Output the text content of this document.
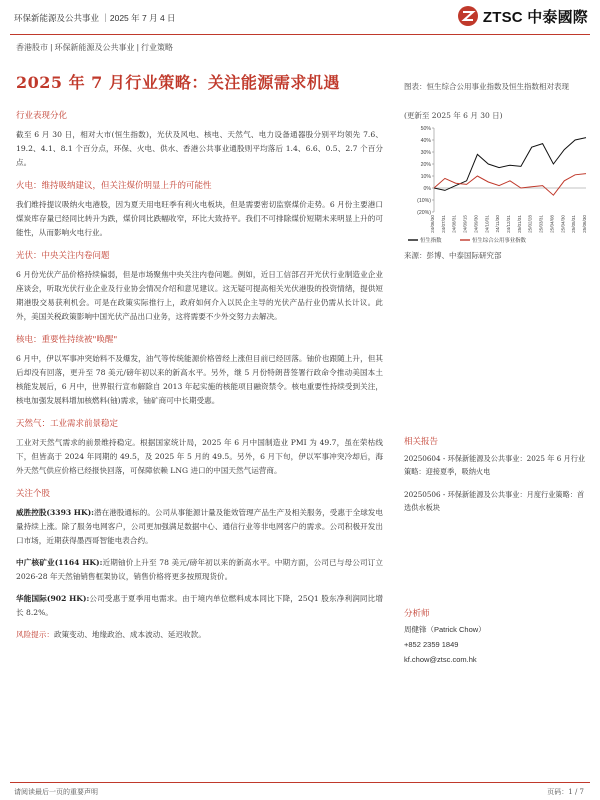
环保新能源及公共事业 ｜2025 年 7 月 4 日	ZTSC 中泰國際
香港股市 | 环保新能源及公共事业 | 行业策略
2025 年 7 月行业策略：关注能源需求机遇
行业表现分化

截至 6 月 30 日，相对大市(恒生指数)，光伏及风电、核电、天然气、电力设备通器股分别平均领先 7.6、19.2、4.1、8.1 个百分点，环保、火电、供水、香港公共事业通股则平均落后 1.4、6.6、0.5、2.7 个百分点。

火电：维持吸纳建议，但关注煤价明显上升的可能性

我们维持提议吸纳火电港股，因为夏天用电旺季有利火电板块，但是需要密切监察煤价走势。6 月份主要港口煤炭库存量已经同比转升为跌，煤价同比跌幅收窄，环比大致持平。我们不可排除煤价短期未来明显上升的可能性，从而影响火电行业。

光伏：中央关注内卷问题

6 月份光伏产品价格持续偏弱，但是市场聚焦中央关注内卷问题。例如，近日工信部召开光伏行业制造业企业座谈会，听取光伏行业企业及行业协会情况介绍和意见建议。这无疑可提高相关光伏港股的投资情绪，提供短期港股交易获利机会。可是在政策实际推行上，政府如何介入以民企主导的光伏产品行业仍需从长计议。此外，美国关税政策影响中国光伏产品出口业务，这将需要不少外交努力去解决。

核电：重要性持续被"唤醒"

6 月中，伊以军事冲突始料不及爆发，油气等传统能源价格曾经上涨但目前已经回落。铀价也跟随上升，但其后却没有回落，更升至 78 美元/磅年初以来的新高水平。另外，继 5 月份特朗普签署行政命令推动美国本土核能发展后，6 月中，世界银行宣布解除自 2013 年起实施的核能项目融资禁令。核电重要性持续受到关注，核电加强发展料增加核燃料(铀)需求，铀矿商可中长期受惠。

天然气：工业需求前景稳定

工业对天然气需求的前景维持稳定。根据国家统计局，2025 年 6 月中国制造业 PMI 为 49.7，虽在荣枯线下，但皆高于 2024 年同期的 49.5，及 2025 年 5 月的 49.5。另外，6 月下旬，伊以军事冲突冷却后，海外天然气供应价格已经报快回落，可保障依赖 LNG 进口的中国天然气运营商。

关注个股

威胜控股(3393 HK):潜在港股通标的。公司从事能源计量及能效管理产品生产及相关服务，受惠于全球发电量持续上涨。除了服务电网客户，公司更加强满足数据中心、通信行业等非电网客户的需求。公司积极开发出口市场，近期获得墨西哥智能电表合约。

中广核矿业(1164 HK):近期铀价上升至 78 美元/磅年初以来的新高水平。中期方面，公司已与母公司订立 2026-28 年天然铀销售框架协议，销售价格将更多按照现货价。

华能国际(902 HK):公司受惠于夏季用电需求。由于境内单位燃料成本同比下降，25Q1 股东净利润同比增长 8.2%。

风险提示：政策变动、地缘政治、成本波动、延迟收款。
图表：恒生综合公用事业指数及恒生指数相对表现
(更新至 2025 年 6 月 30 日)
(20%)
(10%)
0%
10%
20%
30%
40%
50%
24/06/30 24/07/31 24/08/31 24/09/15 24/09/30 24/10/31 24/11/30 24/12/31 25/01/31 25/02/28 25/03/31 25/04/08 25/04/30 25/05/31 25/06/30
恒生指数	恒生综合公用事业指数
来源：彭博、中泰国际研究部
相关报告
20250604 - 环保新能源及公共事业：2025 年 6 月行业策略：迎接夏季，吸纳火电
20250506 - 环保新能源及公共事业：月度行业策略：首选供水板块
分析师
周健锋（Patrick Chow）
+852 2359 1849
kf.chow@ztsc.com.hk
请阅读最后一页的重要声明	页码：1 / 7
